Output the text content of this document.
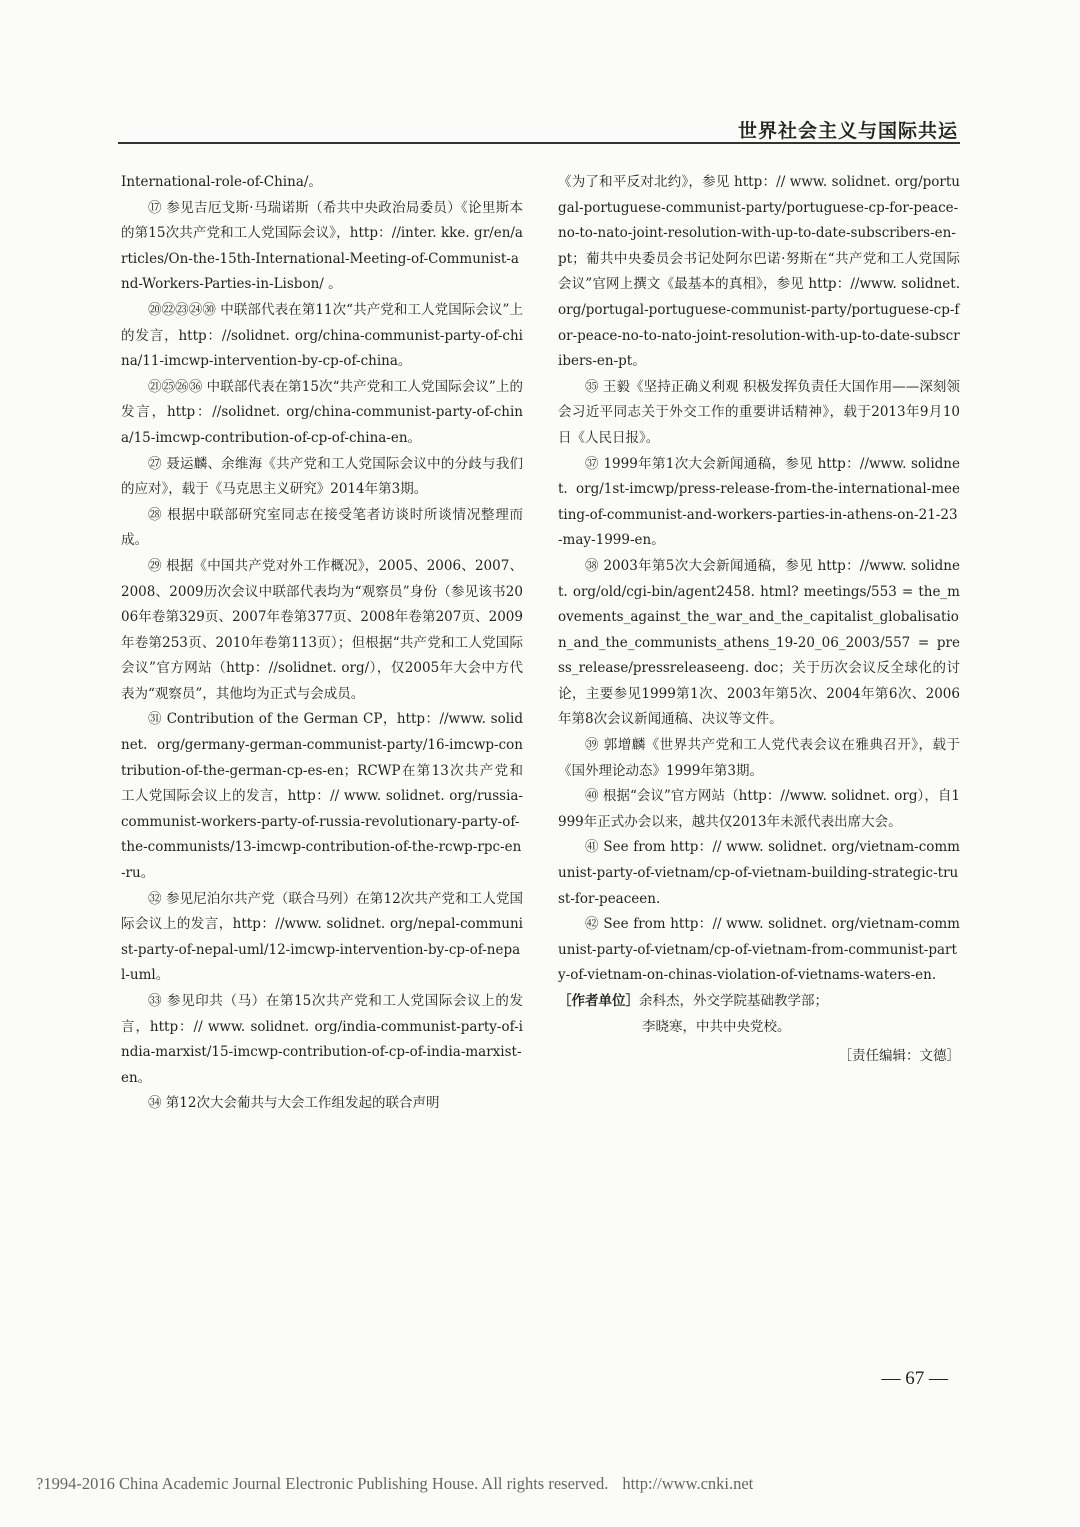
世界社会主义与国际共运

International-role-of-China/。

⑰ 参见吉厄戈斯·马瑞诺斯（希共中央政治局委员）《论里斯本的第15次共产党和工人党国际会议》，http：//inter. kke. gr/en/articles/On-the-15th-International-Meeting-of-Communist-and-Workers-Parties-in-Lisbon/ 。

⑳㉒㉓㉔㉚ 中联部代表在第11次“共产党和工人党国际会议”上的发言，http：//solidnet. org/china-communist-party-of-china/11-imcwp-intervention-by-cp-of-china。

㉑㉕㉖㊱ 中联部代表在第15次“共产党和工人党国际会议”上的发言，http：//solidnet. org/china-communist-party-of-china/15-imcwp-contribution-of-cp-of-china-en。

㉗ 聂运麟、余维海《共产党和工人党国际会议中的分歧与我们的应对》，载于《马克思主义研究》2014年第3期。

㉘ 根据中联部研究室同志在接受笔者访谈时所谈情况整理而成。

㉙ 根据《中国共产党对外工作概况》，2005、2006、2007、2008、2009历次会议中联部代表均为“观察员”身份（参见该书2006年卷第329页、2007年卷第377页、2008年卷第207页、2009年卷第253页、2010年卷第113页）；但根据“共产党和工人党国际会议”官方网站（http：//solidnet. org/），仅2005年大会中方代表为“观察员”，其他均为正式与会成员。

㉛ Contribution of the German CP，http：//www. solidnet. org/germany-german-communist-party/16-imcwp-contribution-of-the-german-cp-es-en；RCWP在第13次共产党和工人党国际会议上的发言，http：// www. solidnet. org/russia-communist-workers-party-of-russia-revolutionary-party-of-the-communists/13-imcwp-contribution-of-the-rcwp-rpc-en-ru。

㉜ 参见尼泊尔共产党（联合马列）在第12次共产党和工人党国际会议上的发言，http：//www. solidnet. org/nepal-communist-party-of-nepal-uml/12-imcwp-intervention-by-cp-of-nepal-uml。

㉝ 参见印共（马）在第15次共产党和工人党国际会议上的发言，http：// www. solidnet. org/india-communist-party-of-india-marxist/15-imcwp-contribution-of-cp-of-india-marxist-en。

㉞ 第12次大会葡共与大会工作组发起的联合声明

《为了和平反对北约》，参见 http：// www. solidnet. org/portugal-portuguese-communist-party/portuguese-cp-for-peace-no-to-nato-joint-resolution-with-up-to-date-subscribers-en-pt；葡共中央委员会书记处阿尔巴诺·努斯在“共产党和工人党国际会议”官网上撰文《最基本的真相》，参见 http：//www. solidnet. org/portugal-portuguese-communist-party/portuguese-cp-for-peace-no-to-nato-joint-resolution-with-up-to-date-subscribers-en-pt。

㉟ 王毅《坚持正确义利观 积极发挥负责任大国作用——深刻领会习近平同志关于外交工作的重要讲话精神》，载于2013年9月10日《人民日报》。

㊲ 1999年第1次大会新闻通稿，参见 http：//www. solidnet. org/1st-imcwp/press-release-from-the-international-meeting-of-communist-and-workers-parties-in-athens-on-21-23-may-1999-en。

㊳ 2003年第5次大会新闻通稿，参见 http：//www. solidnet. org/old/cgi-bin/agent2458. html? meetings/553 = the_movements_against_the_war_and_the_capitalist_globalisation_and_the_communists_athens_19-20_06_2003/557 = press_release/pressreleaseeng. doc；关于历次会议反全球化的讨论，主要参见1999第1次、2003年第5次、2004年第6次、2006年第8次会议新闻通稿、决议等文件。

㊴ 郭增麟《世界共产党和工人党代表会议在雅典召开》，载于《国外理论动态》1999年第3期。

㊵ 根据“会议”官方网站（http：//www. solidnet. org），自1999年正式办会以来，越共仅2013年未派代表出席大会。

㊶ See from http：// www. solidnet. org/vietnam-communist-party-of-vietnam/cp-of-vietnam-building-strategic-trust-for-peaceen.

㊷ See from http：// www. solidnet. org/vietnam-communist-party-of-vietnam/cp-of-vietnam-from-communist-party-of-vietnam-on-chinas-violation-of-vietnams-waters-en.

［作者单位］余科杰，外交学院基础教学部；
李晓寒，中共中央党校。
［责任编辑：文德］
— 67 —
?1994-2016 China Academic Journal Electronic Publishing House. All rights reserved. http://www.cnki.net
